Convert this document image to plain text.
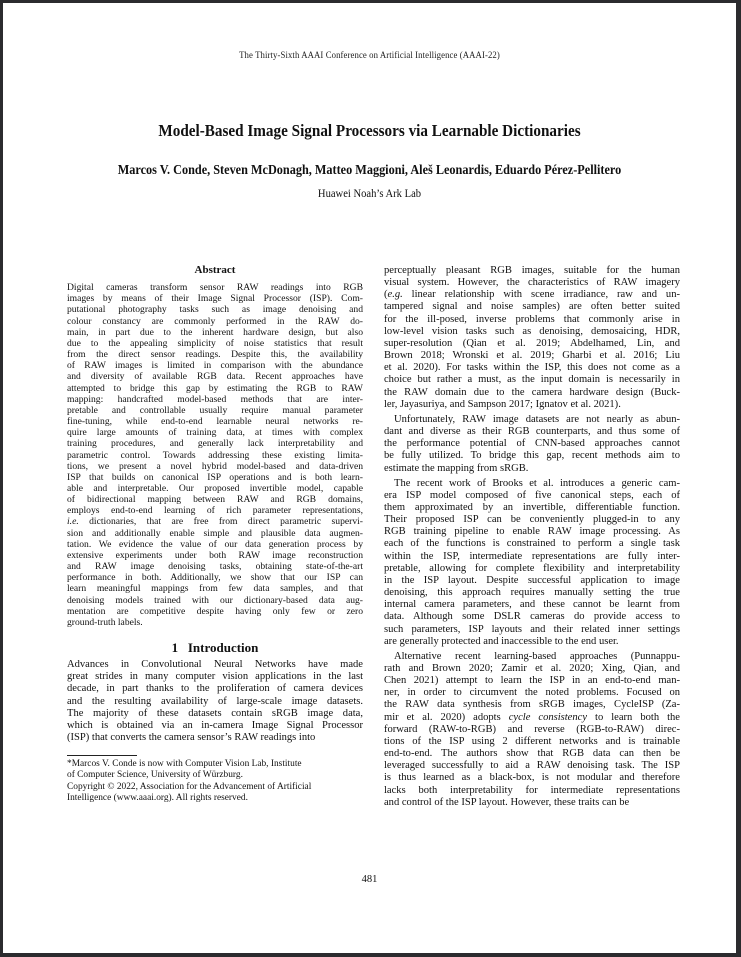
The Thirty-Sixth AAAI Conference on Artificial Intelligence (AAAI-22)
Model-Based Image Signal Processors via Learnable Dictionaries
Marcos V. Conde, Steven McDonagh, Matteo Maggioni, Aleš Leonardis, Eduardo Pérez-Pellitero
Huawei Noah’s Ark Lab
Abstract
Digital cameras transform sensor RAW readings into RGB
images by means of their Image Signal Processor (ISP). Com-
putational photography tasks such as image denoising and
colour constancy are commonly performed in the RAW do-
main, in part due to the inherent hardware design, but also
due to the appealing simplicity of noise statistics that result
from the direct sensor readings. Despite this, the availability
of RAW images is limited in comparison with the abundance
and diversity of available RGB data. Recent approaches have
attempted to bridge this gap by estimating the RGB to RAW
mapping: handcrafted model-based methods that are inter-
pretable and controllable usually require manual parameter
fine-tuning, while end-to-end learnable neural networks re-
quire large amounts of training data, at times with complex
training procedures, and generally lack interpretability and
parametric control. Towards addressing these existing limita-
tions, we present a novel hybrid model-based and data-driven
ISP that builds on canonical ISP operations and is both learn-
able and interpretable. Our proposed invertible model, capable
of bidirectional mapping between RAW and RGB domains,
employs end-to-end learning of rich parameter representations,
i.e. dictionaries, that are free from direct parametric supervi-
sion and additionally enable simple and plausible data augmen-
tation. We evidence the value of our data generation process by
extensive experiments under both RAW image reconstruction
and RAW image denoising tasks, obtaining state-of-the-art
performance in both. Additionally, we show that our ISP can
learn meaningful mappings from few data samples, and that
denoising models trained with our dictionary-based data aug-
mentation are competitive despite having only few or zero
ground-truth labels.
1 Introduction
Advances in Convolutional Neural Networks have made
great strides in many computer vision applications in the last
decade, in part thanks to the proliferation of camera devices
and the resulting availability of large-scale image datasets.
The majority of these datasets contain sRGB image data,
which is obtained via an in-camera Image Signal Processor
(ISP) that converts the camera sensor’s RAW readings into
*Marcos V. Conde is now with Computer Vision Lab, Institute
of Computer Science, University of Würzburg.
Copyright © 2022, Association for the Advancement of Artificial
Intelligence (www.aaai.org). All rights reserved.
perceptually pleasant RGB images, suitable for the human
visual system. However, the characteristics of RAW imagery
(e.g. linear relationship with scene irradiance, raw and un-
tampered signal and noise samples) are often better suited
for the ill-posed, inverse problems that commonly arise in
low-level vision tasks such as denoising, demosaicing, HDR,
super-resolution (Qian et al. 2019; Abdelhamed, Lin, and
Brown 2018; Wronski et al. 2019; Gharbi et al. 2016; Liu
et al. 2020). For tasks within the ISP, this does not come as a
choice but rather a must, as the input domain is necessarily in
the RAW domain due to the camera hardware design (Buck-
ler, Jayasuriya, and Sampson 2017; Ignatov et al. 2021).
Unfortunately, RAW image datasets are not nearly as abun-
dant and diverse as their RGB counterparts, and thus some of
the performance potential of CNN-based approaches cannot
be fully utilized. To bridge this gap, recent methods aim to
estimate the mapping from sRGB.
The recent work of Brooks et al. introduces a generic cam-
era ISP model composed of five canonical steps, each of
them approximated by an invertible, differentiable function.
Their proposed ISP can be conveniently plugged-in to any
RGB training pipeline to enable RAW image processing. As
each of the functions is constrained to perform a single task
within the ISP, intermediate representations are fully inter-
pretable, allowing for complete flexibility and interpretability
in the ISP layout. Despite successful application to image
denoising, this approach requires manually setting the true
internal camera parameters, and these cannot be learnt from
data. Although some DSLR cameras do provide access to
such parameters, ISP layouts and their related inner settings
are generally protected and inaccessible to the end user.
Alternative recent learning-based approaches (Punnappu-
rath and Brown 2020; Zamir et al. 2020; Xing, Qian, and
Chen 2021) attempt to learn the ISP in an end-to-end man-
ner, in order to circumvent the noted problems. Focused on
the RAW data synthesis from sRGB images, CycleISP (Za-
mir et al. 2020) adopts cycle consistency to learn both the
forward (RAW-to-RGB) and reverse (RGB-to-RAW) direc-
tions of the ISP using 2 different networks and is trainable
end-to-end. The authors show that RGB data can then be
leveraged successfully to aid a RAW denoising task. The ISP
is thus learned as a black-box, is not modular and therefore
lacks both interpretability for intermediate representations
and control of the ISP layout. However, these traits can be
481
